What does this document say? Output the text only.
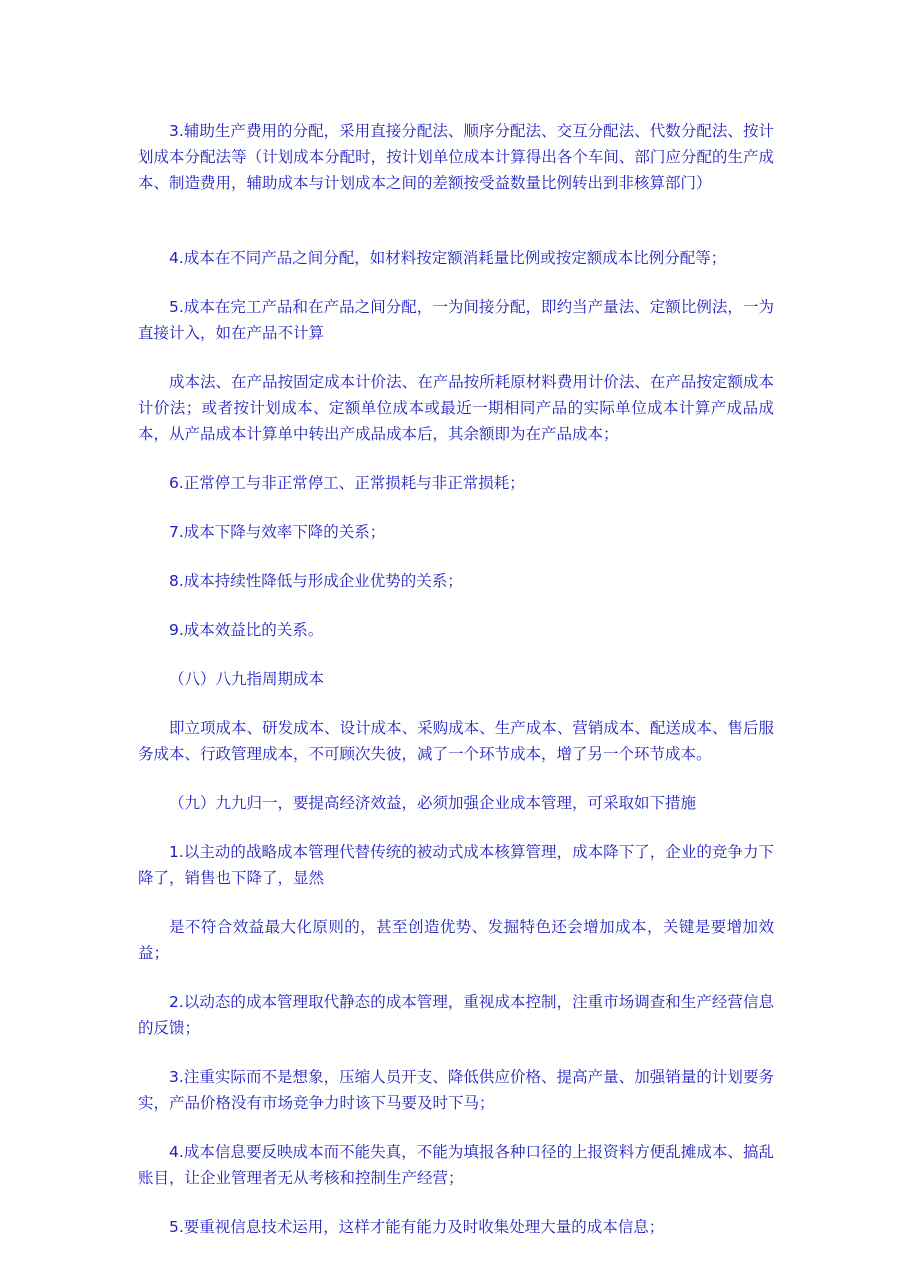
3.辅助生产费用的分配，采用直接分配法、顺序分配法、交互分配法、代数分配法、按计划成本分配法等（计划成本分配时，按计划单位成本计算得出各个车间、部门应分配的生产成本、制造费用，辅助成本与计划成本之间的差额按受益数量比例转出到非核算部门）

4.成本在不同产品之间分配，如材料按定额消耗量比例或按定额成本比例分配等；

5.成本在完工产品和在产品之间分配，一为间接分配，即约当产量法、定额比例法，一为直接计入，如在产品不计算

成本法、在产品按固定成本计价法、在产品按所耗原材料费用计价法、在产品按定额成本计价法；或者按计划成本、定额单位成本或最近一期相同产品的实际单位成本计算产成品成本，从产品成本计算单中转出产成品成本后，其余额即为在产品成本；

6.正常停工与非正常停工、正常损耗与非正常损耗；

7.成本下降与效率下降的关系；

8.成本持续性降低与形成企业优势的关系；

9.成本效益比的关系。

（八）八九指周期成本

即立项成本、研发成本、设计成本、采购成本、生产成本、营销成本、配送成本、售后服务成本、行政管理成本，不可顾次失彼，减了一个环节成本，增了另一个环节成本。

（九）九九归一，要提高经济效益，必须加强企业成本管理，可采取如下措施

1.以主动的战略成本管理代替传统的被动式成本核算管理，成本降下了，企业的竞争力下降了，销售也下降了，显然

是不符合效益最大化原则的，甚至创造优势、发掘特色还会增加成本，关键是要增加效益；

2.以动态的成本管理取代静态的成本管理，重视成本控制，注重市场调查和生产经营信息的反馈；

3.注重实际而不是想象，压缩人员开支、降低供应价格、提高产量、加强销量的计划要务实，产品价格没有市场竞争力时该下马要及时下马；

4.成本信息要反映成本而不能失真，不能为填报各种口径的上报资料方便乱摊成本、搞乱账目，让企业管理者无从考核和控制生产经营；

5.要重视信息技术运用，这样才能有能力及时收集处理大量的成本信息；
